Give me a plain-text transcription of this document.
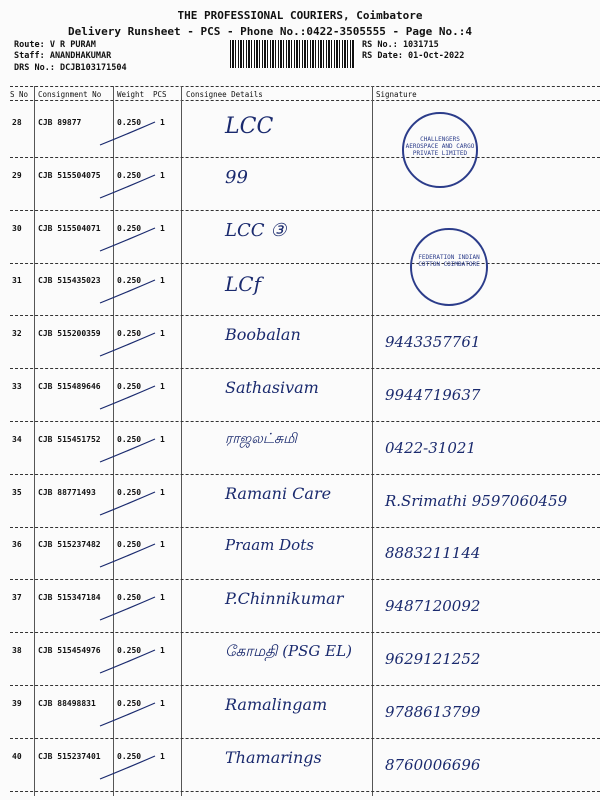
THE PROFESSIONAL COURIERS, Coimbatore
Delivery Runsheet - PCS - Phone No.:0422-3505555 - Page No.:4
Route: V R PURAM
Staff: ANANDHAKUMAR
DRS No.: DCJB103171504
RS No.: 1031715
RS Date: 01-Oct-2022
S No Consignment No Weight PCS	Consignee Details	Signature
28 CJB 89877	0.250 1	LCC
29 CJB 515504075 0.250 1	99
30 CJB 515504071 0.250 1	LCC ③
31 CJB 515435023 0.250 1	LCf
32 CJB 515200359 0.250 1	Boobalan	9443357761
33 CJB 515489646 0.250 1	Sathasivam	9944719637
34 CJB 515451752 0.250 1	ராஜலட்சுமி	0422-31021
35 CJB 88771493	0.250 1	Ramani Care	R.Srimathi 9597060459
36 CJB 515237482 0.250 1	Praam Dots	8883211144
37 CJB 515347184 0.250 1	P.Chinnikumar	9487120092
38 CJB 515454976 0.250 1	கோமதி (PSG EL) 9629121252
39 CJB 88498831	0.250 1	Ramalingam	9788613799
40 CJB 515237401 0.250 1	Thamarings	8760006696
CHALLENGERS AEROSPACE AND CARGO PRIVATE LIMITED
FEDERATION INDIAN COTTON COIMBATORE
